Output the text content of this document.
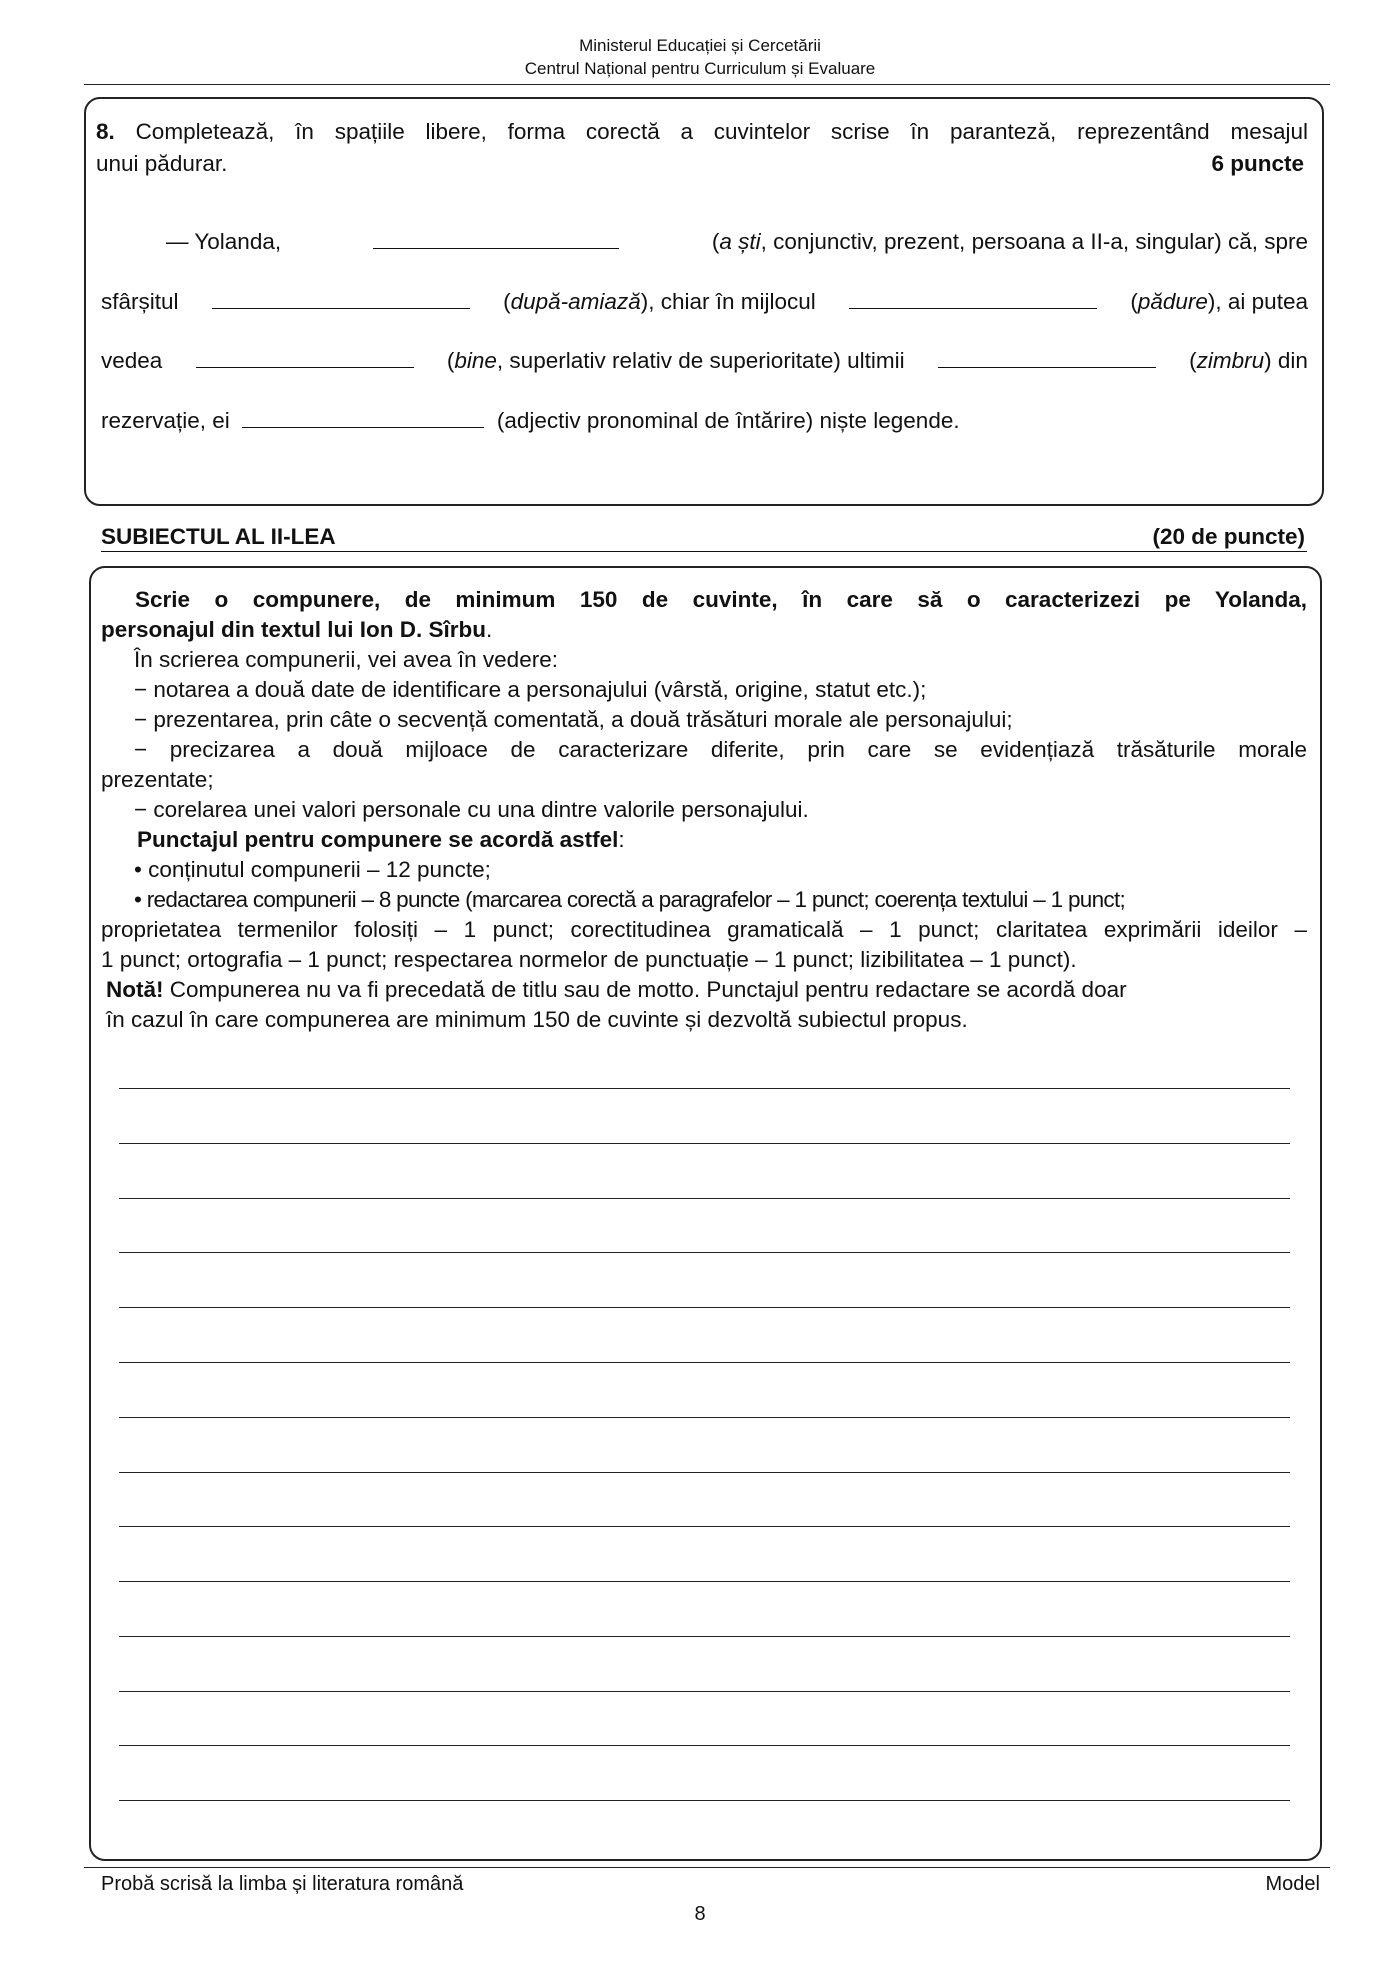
Ministerul Educației și Cercetării
Centrul Național pentru Curriculum și Evaluare
8. Completează, în spațiile libere, forma corectă a cuvintelor scrise în paranteză, reprezentând mesajul
unui pădurar.	6 puncte
— Yolanda,	(a ști, conjunctiv, prezent, persoana a II-a, singular) că, spre
sfârșitul	(după-amiază), chiar în mijlocul	(pădure), ai putea
vedea	(bine, superlativ relativ de superioritate) ultimii	(zimbru) din
rezervație, ei	(adjectiv pronominal de întărire) niște legende.
SUBIECTUL AL II-LEA	(20 de puncte)
Scrie o compunere, de minimum 150 de cuvinte, în care să o caracterizezi pe Yolanda,
personajul din textul lui Ion D. Sîrbu.
În scrierea compunerii, vei avea în vedere:
− notarea a două date de identificare a personajului (vârstă, origine, statut etc.);
− prezentarea, prin câte o secvență comentată, a două trăsături morale ale personajului;
− precizarea a două mijloace de caracterizare diferite, prin care se evidențiază trăsăturile morale
prezentate;
− corelarea unei valori personale cu una dintre valorile personajului.
Punctajul pentru compunere se acordă astfel:
• conținutul compunerii – 12 puncte;
• redactarea compunerii – 8 puncte (marcarea corectă a paragrafelor – 1 punct; coerența textului – 1 punct;
proprietatea termenilor folosiți – 1 punct; corectitudinea gramaticală – 1 punct; claritatea exprimării ideilor –
1 punct; ortografia – 1 punct; respectarea normelor de punctuație – 1 punct; lizibilitatea – 1 punct).
Notă! Compunerea nu va fi precedată de titlu sau de motto. Punctajul pentru redactare se acordă doar
în cazul în care compunerea are minimum 150 de cuvinte și dezvoltă subiectul propus.
Probă scrisă la limba și literatura română	Model
8
